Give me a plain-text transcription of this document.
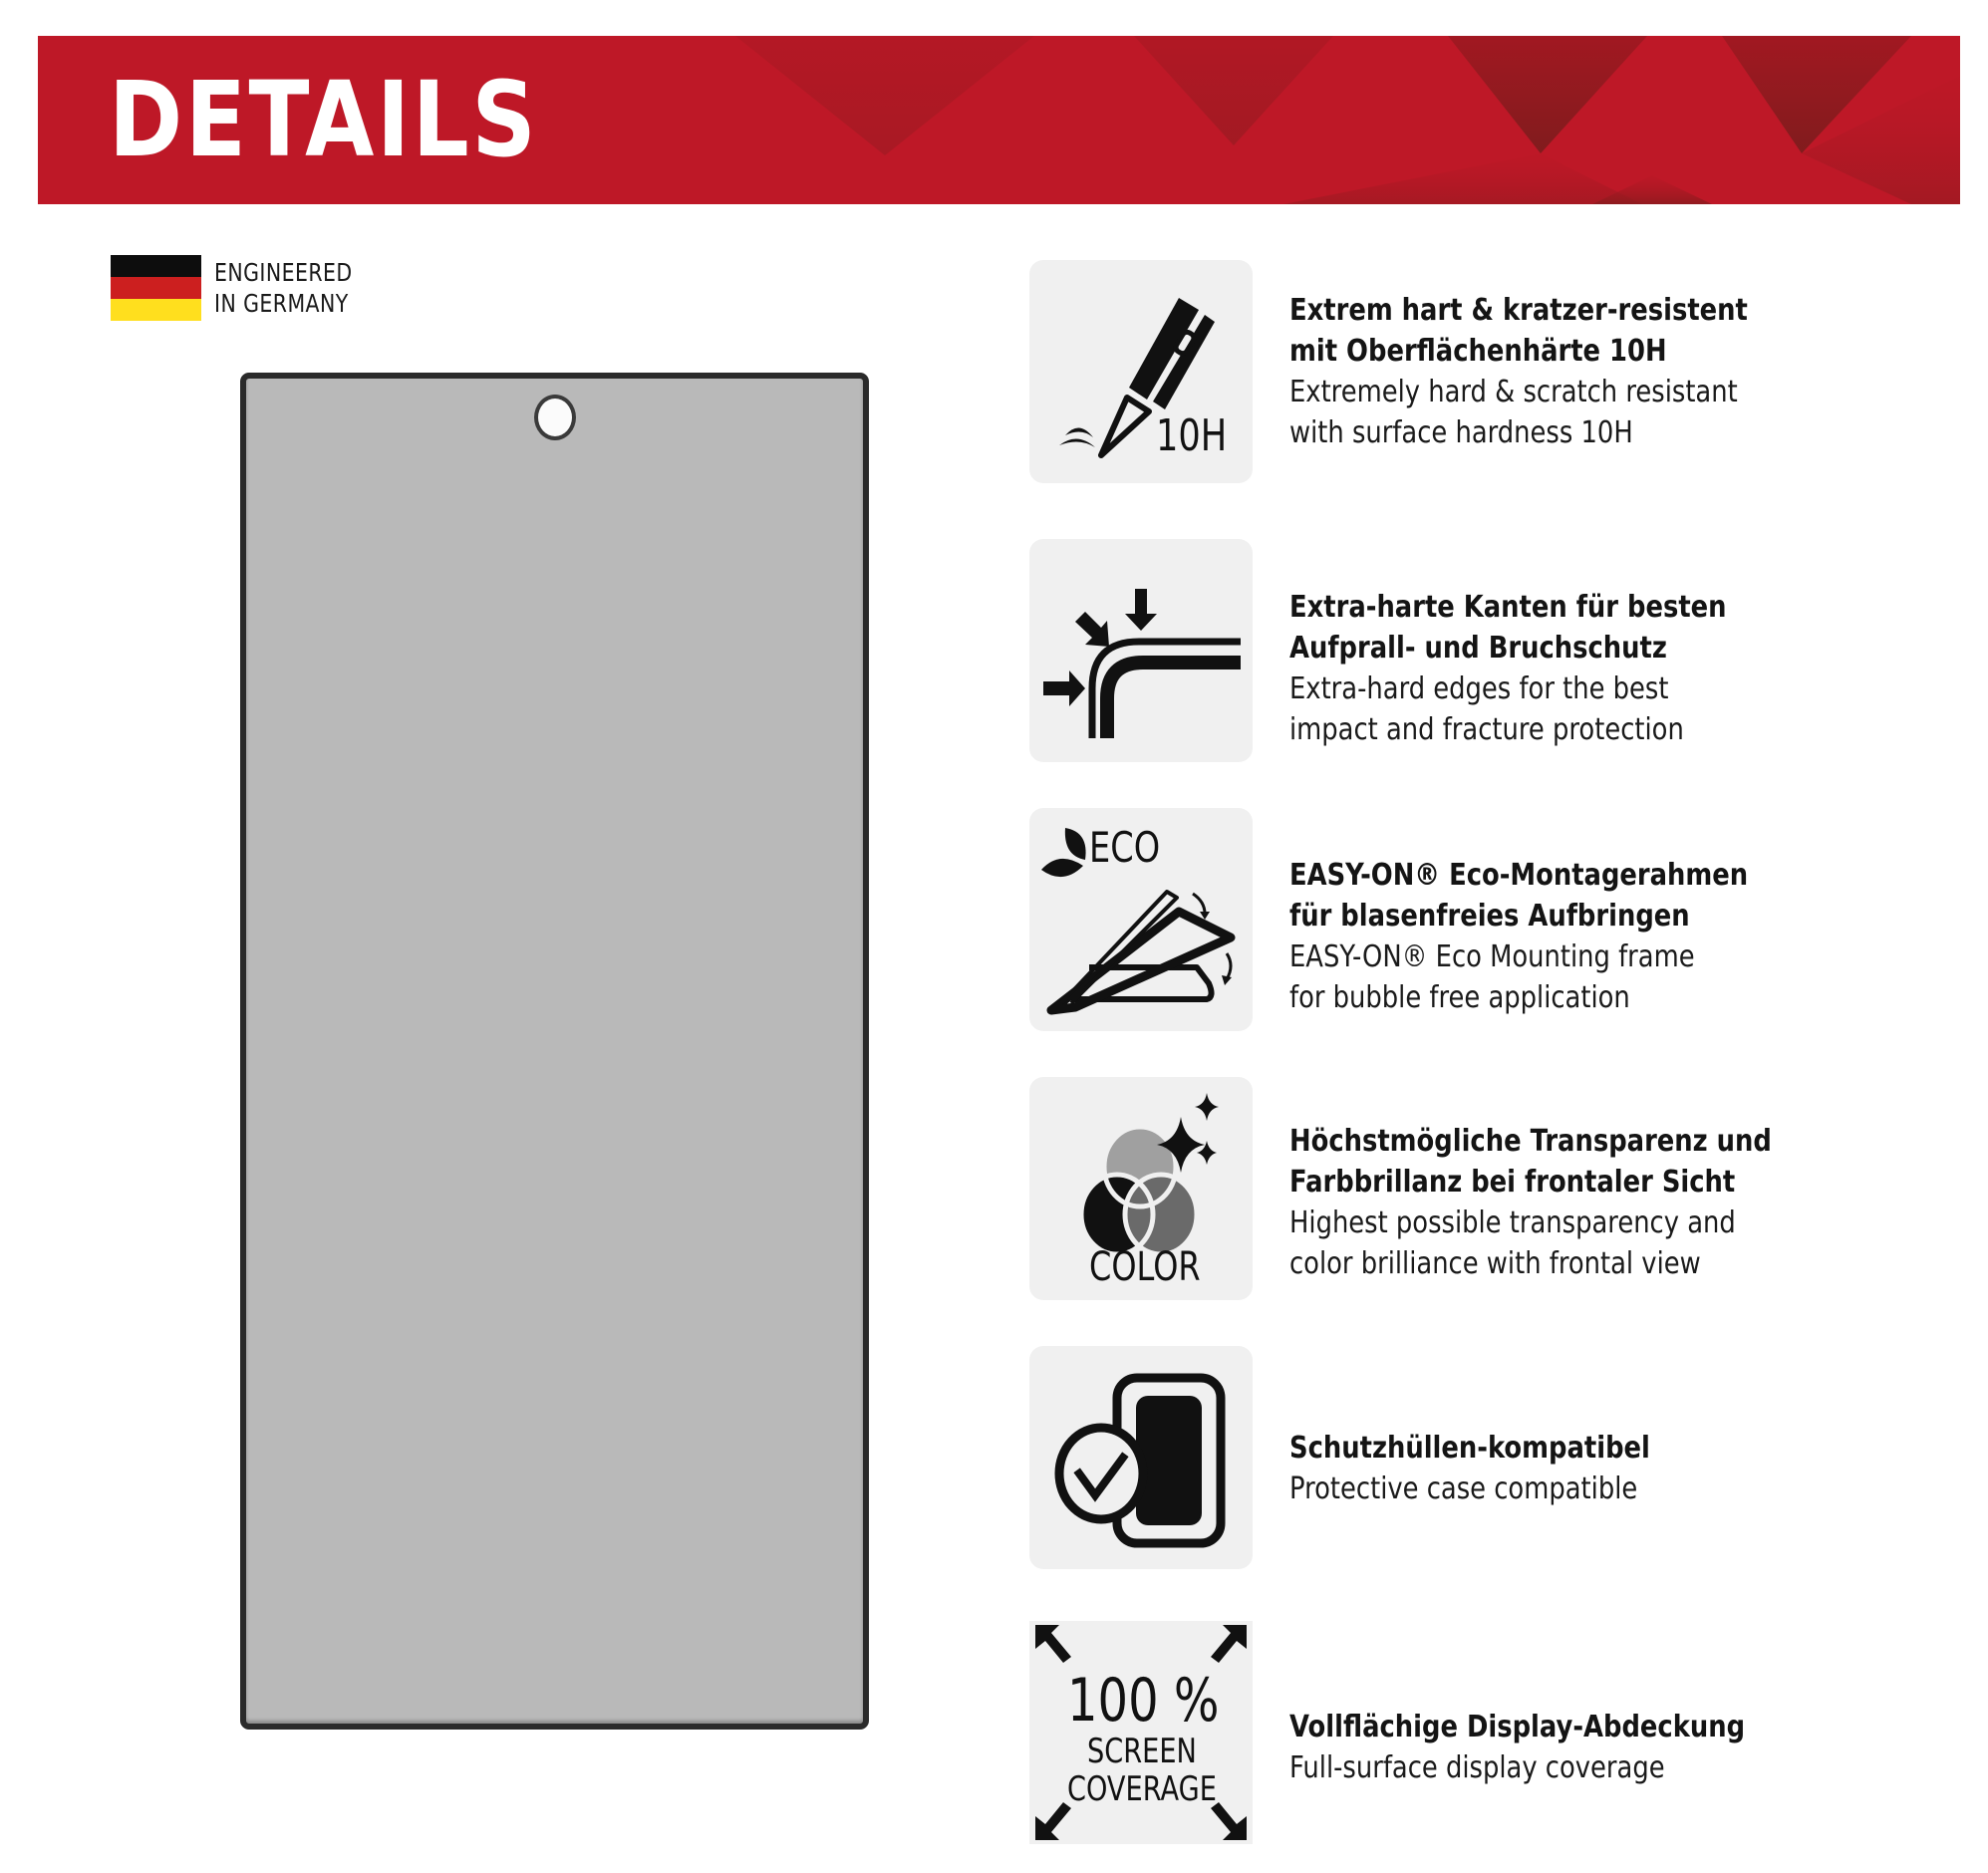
DETAILS
ENGINEERED
IN GERMANY
10H
Extrem hart & kratzer-resistent
mit Oberflächenhärte 10H
Extremely hard & scratch resistant
with surface hardness 10H
Extra-harte Kanten für besten
Aufprall- und Bruchschutz
Extra-hard edges for the best
impact and fracture protection
ECO
EASY-ON® Eco-Montagerahmen
für blasenfreies Aufbringen
EASY-ON® Eco Mounting frame
for bubble free application
COLOR
Höchstmögliche Transparenz und
Farbbrillanz bei frontaler Sicht
Highest possible transparency and
color brilliance with frontal view
Schutzhüllen-kompatibel
Protective case compatible
100 %
SCREEN
COVERAGE
Vollflächige Display-Abdeckung
Full-surface display coverage
